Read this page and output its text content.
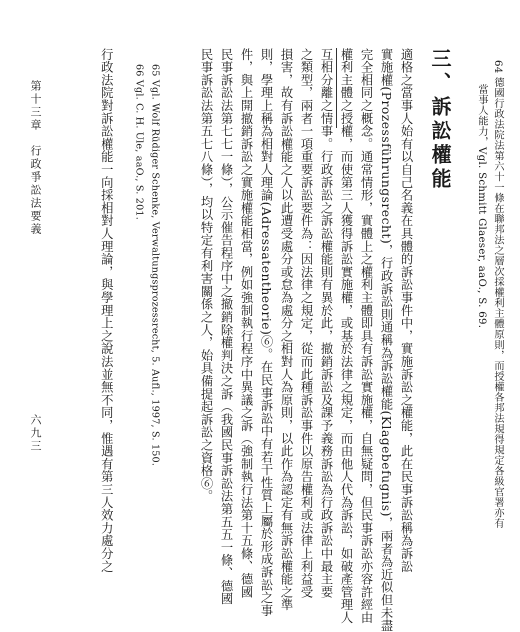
64 德國行政法院法第六十一條在聯邦法之層次採權利主體原則，而授權各邦法規得規定各級官署亦有
當事人能力，Vgl. Schmitt Glaeser, aaO., S. 69.
三、訴訟權能
適格之當事人始有以自己名義在具體的訴訟事件中，實施訴訟之權能，此在民事訴訟稱為訴訟
實施權(Prozessführungsrecht)，行政訴訟則通稱為訴訟權能(Klagebefugnis)，兩者為近似但未盡
完全相同之概念。通常情形，實體上之權利主體即具有訴訟實施權，自無疑問，但民事訴訟亦容許經由
權利主體之授權，而使第三人獲得訴訟實施權，或基於法律之規定，而由他人代為訴訟，如破產管理人
互相分離之情事。行政訴訟之訴訟權能則有異於此，撤銷訴訟及課予義務訴訟為行政訴訟中最主要
之類型，兩者一項重要訴訟要件為：因法律之規定，從而此種訴訟事件以原告權利或法律上利益受
損害，故有訴訟權能之人以此遭受處分或怠為處分之相對人為原則，以此作為認定有無訴訟權能之準
則，學理上稱為相對人理論(Adressatentheorie)⑥。在民事訴訟中有若干性質上屬於形成訴訟之事
件，與上開撤銷訴訟之實施權能相當，例如強制執行程序中異議之訴（強制執行法第十五條、德國
民事訴訟法第七七一條），公示催告程序中之撤銷除權判決之訴（我國民事訴訟法第五五一條、德國
民事訴訟法第五七八條），均以特定有利害關係之人，始具備提起訴訟之資格⑥。
65 Vgl. Wolf Rüdiger Schenke, Verwaltungsprozessrecht, 5. Aufl., 1997, S. 150.
66 Vgl. C. H. Ule, aaO., S. 201.
行政法院對訴訟權能一向採相對人理論，與學理上之說法並無不同，惟遇有第三人效力處分之
第十三章　行政爭訟法要義
六九三
